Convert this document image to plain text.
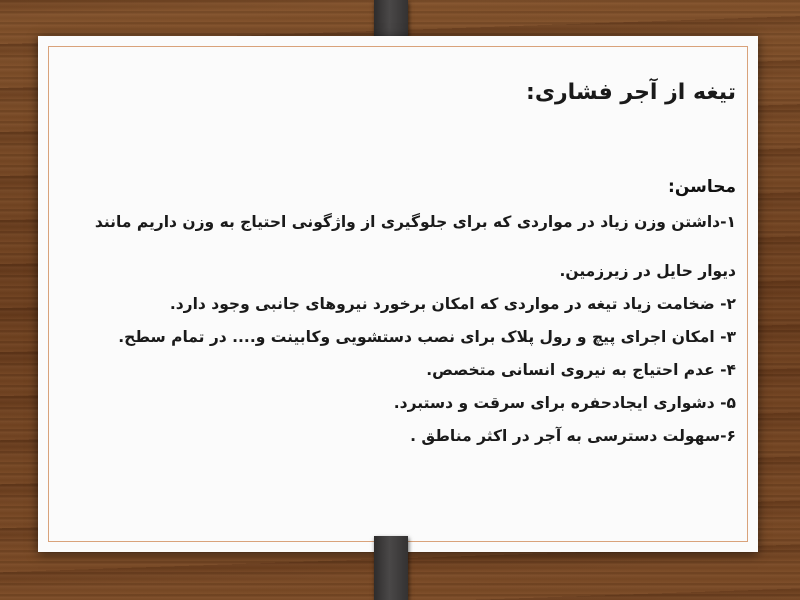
تیغه از آجر فشاری:

محاسن:

۱-داشتن وزن زیاد در مواردی که برای جلوگیری از واژگونی احتیاج به وزن داریم مانند دیوار حایل در زیرزمین.

۲- ضخامت زیاد تیغه در مواردی که امکان برخورد نیروهای جانبی وجود دارد.

۳- امکان اجرای پیچ و رول پلاک برای نصب دستشویی وکابینت و.... در تمام سطح.

۴- عدم احتیاج به نیروی انسانی متخصص.

۵- دشواری ایجادحفره برای سرقت و دستبرد.

۶-سهولت دسترسی به آجر در اکثر مناطق .
